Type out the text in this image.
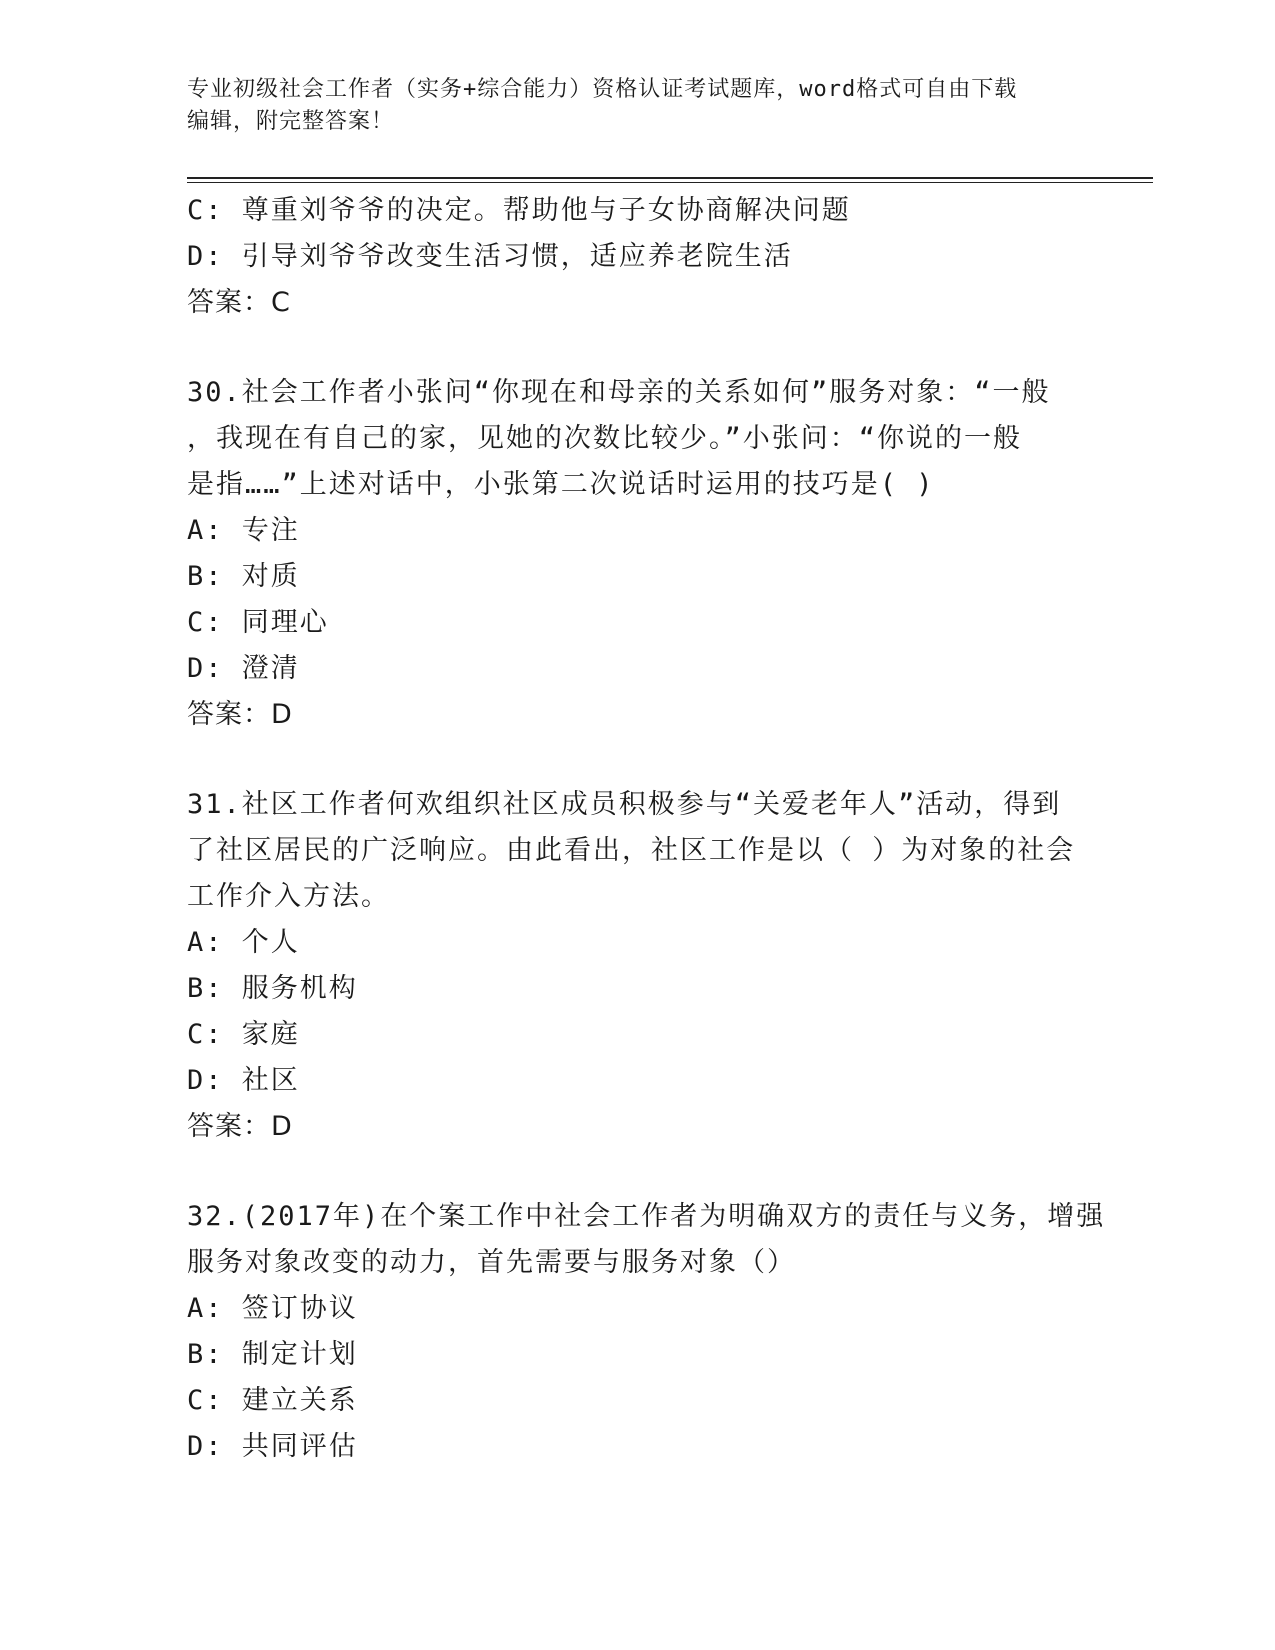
专业初级社会工作者（实务+综合能力）资格认证考试题库，word格式可自由下载
编辑，附完整答案！
C: 尊重刘爷爷的决定。帮助他与子女协商解决问题
D: 引导刘爷爷改变生活习惯，适应养老院生活
答案：C
30.社会工作者小张问“你现在和母亲的关系如何”服务对象：“一般
，我现在有自己的家，见她的次数比较少。”小张问：“你说的一般
是指……”上述对话中，小张第二次说话时运用的技巧是( )
A: 专注
B: 对质
C: 同理心
D: 澄清
答案：D
31.社区工作者何欢组织社区成员积极参与“关爱老年人”活动，得到
了社区居民的广泛响应。由此看出，社区工作是以（ ）为对象的社会
工作介入方法。
A: 个人
B: 服务机构
C: 家庭
D: 社区
答案：D
32.(2017年)在个案工作中社会工作者为明确双方的责任与义务，增强
服务对象改变的动力，首先需要与服务对象（）
A: 签订协议
B: 制定计划
C: 建立关系
D: 共同评估
